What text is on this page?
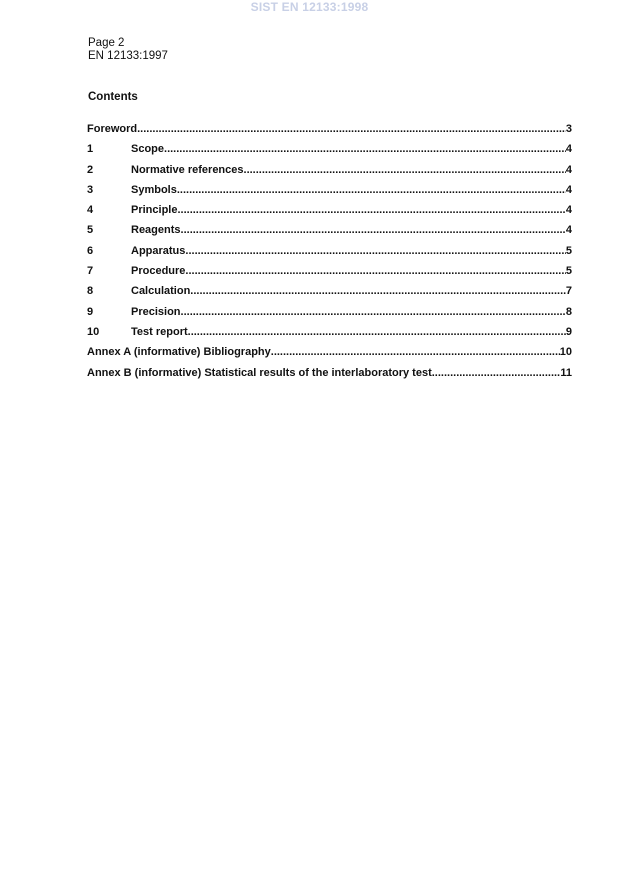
SIST EN 12133:1998
Page 2
EN 12133:1997
Contents
Foreword .....	3
1	Scope .....	4
2	Normative references .....	4
3	Symbols .....	4
4	Principle .....	4
5	Reagents .....	4
6	Apparatus .....	5
7	Procedure .....	5
8	Calculation .....	7
9	Precision .....	8
10	Test report .....	9
Annex A (informative) Bibliography .....	10
Annex B (informative) Statistical results of the interlaboratory test .....	11
